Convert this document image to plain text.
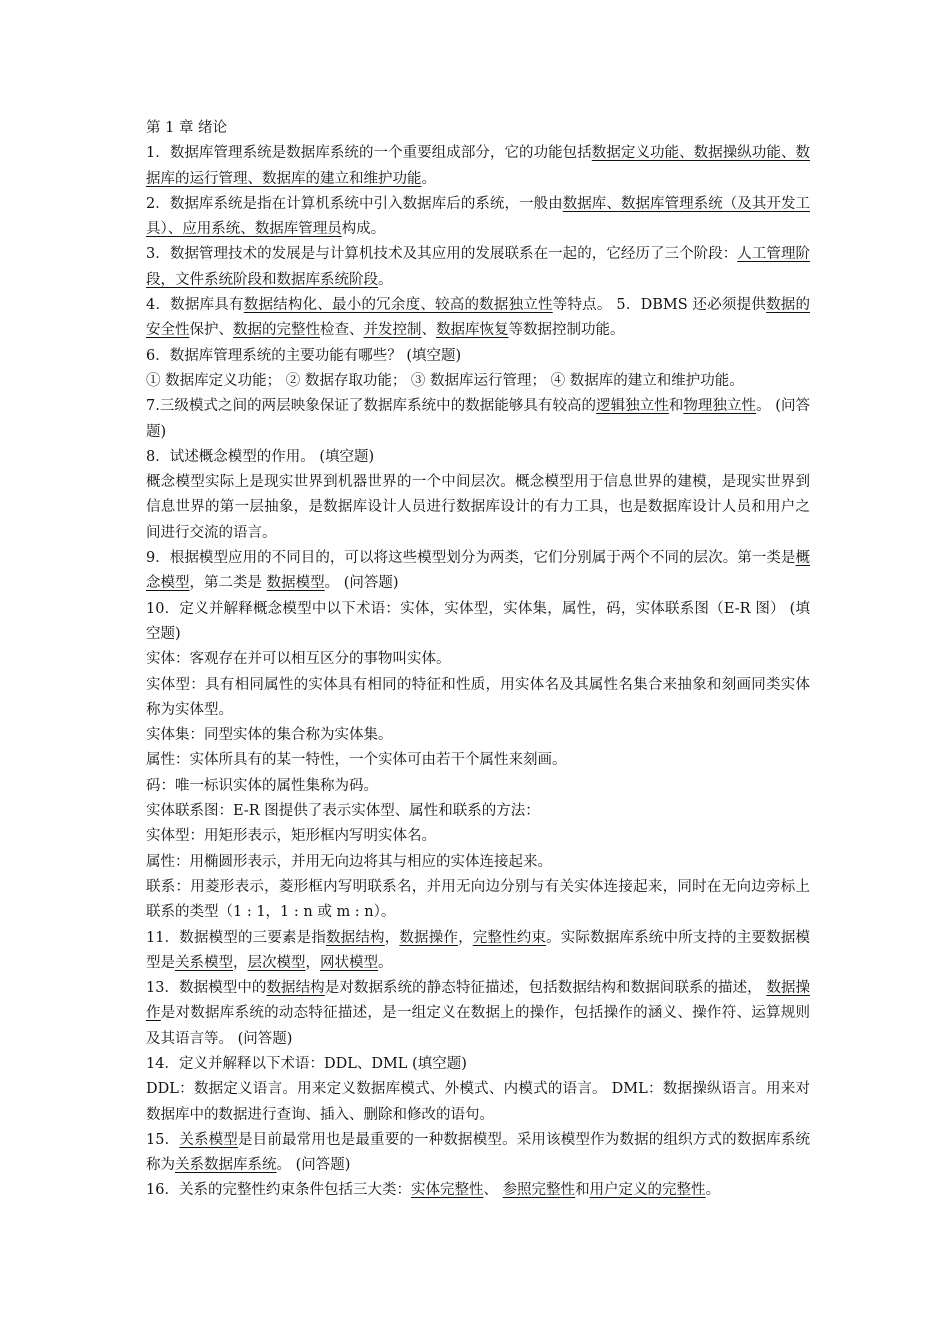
第 1 章 绪论

1．数据库管理系统是数据库系统的一个重要组成部分，它的功能包括数据定义功能、数据操纵功能、数据库的运行管理、数据库的建立和维护功能。

2．数据库系统是指在计算机系统中引入数据库后的系统，一般由数据库、数据库管理系统（及其开发工具）、应用系统、数据库管理员构成。

3．数据管理技术的发展是与计算机技术及其应用的发展联系在一起的，它经历了三个阶段：人工管理阶段，文件系统阶段和数据库系统阶段。

4．数据库具有数据结构化、最小的冗余度、较高的数据独立性等特点。 5．DBMS 还必须提供数据的安全性保护、数据的完整性检查、并发控制、数据库恢复等数据控制功能。

6．数据库管理系统的主要功能有哪些？ (填空题)

① 数据库定义功能； ② 数据存取功能； ③ 数据库运行管理； ④ 数据库的建立和维护功能。

7.三级模式之间的两层映象保证了数据库系统中的数据能够具有较高的逻辑独立性和物理独立性。 (问答题)

8．试述概念模型的作用。 (填空题)

概念模型实际上是现实世界到机器世界的一个中间层次。概念模型用于信息世界的建模，是现实世界到信息世界的第一层抽象，是数据库设计人员进行数据库设计的有力工具，也是数据库设计人员和用户之间进行交流的语言。

9．根据模型应用的不同目的，可以将这些模型划分为两类，它们分别属于两个不同的层次。第一类是概念模型，第二类是 数据模型。 (问答题)

10．定义并解释概念模型中以下术语：实体，实体型，实体集，属性，码，实体联系图（E-R 图） (填空题)

实体：客观存在并可以相互区分的事物叫实体。

实体型：具有相同属性的实体具有相同的特征和性质，用实体名及其属性名集合来抽象和刻画同类实体称为实体型。

实体集：同型实体的集合称为实体集。

属性：实体所具有的某一特性，一个实体可由若干个属性来刻画。

码：唯一标识实体的属性集称为码。

实体联系图：E-R 图提供了表示实体型、属性和联系的方法：

实体型：用矩形表示，矩形框内写明实体名。

属性：用椭圆形表示，并用无向边将其与相应的实体连接起来。

联系：用菱形表示，菱形框内写明联系名，并用无向边分别与有关实体连接起来，同时在无向边旁标上联系的类型（1 : 1，1 : n 或 m : n）。

11．数据模型的三要素是指数据结构，数据操作，完整性约束。实际数据库系统中所支持的主要数据模型是关系模型，层次模型，网状模型。

13．数据模型中的数据结构是对数据系统的静态特征描述，包括数据结构和数据间联系的描述， 数据操作是对数据库系统的动态特征描述，是一组定义在数据上的操作，包括操作的涵义、操作符、运算规则及其语言等。 (问答题)

14．定义并解释以下术语：DDL、DML (填空题)

DDL：数据定义语言。用来定义数据库模式、外模式、内模式的语言。 DML：数据操纵语言。用来对数据库中的数据进行查询、插入、删除和修改的语句。

15．关系模型是目前最常用也是最重要的一种数据模型。采用该模型作为数据的组织方式的数据库系统称为关系数据库系统。 (问答题)

16．关系的完整性约束条件包括三大类：实体完整性、 参照完整性和用户定义的完整性。
